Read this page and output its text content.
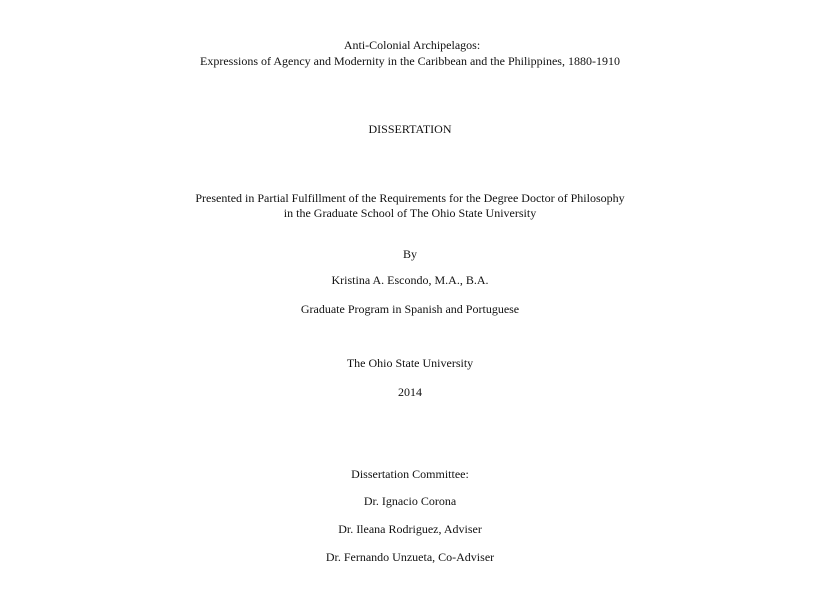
Anti-Colonial Archipelagos:
Expressions of Agency and Modernity in the Caribbean and the Philippines, 1880-1910
DISSERTATION
Presented in Partial Fulfillment of the Requirements for the Degree Doctor of Philosophy
in the Graduate School of The Ohio State University
By
Kristina A. Escondo, M.A., B.A.
Graduate Program in Spanish and Portuguese
The Ohio State University
2014
Dissertation Committee:
Dr. Ignacio Corona
Dr. Ileana Rodriguez, Adviser
Dr. Fernando Unzueta, Co-Adviser
